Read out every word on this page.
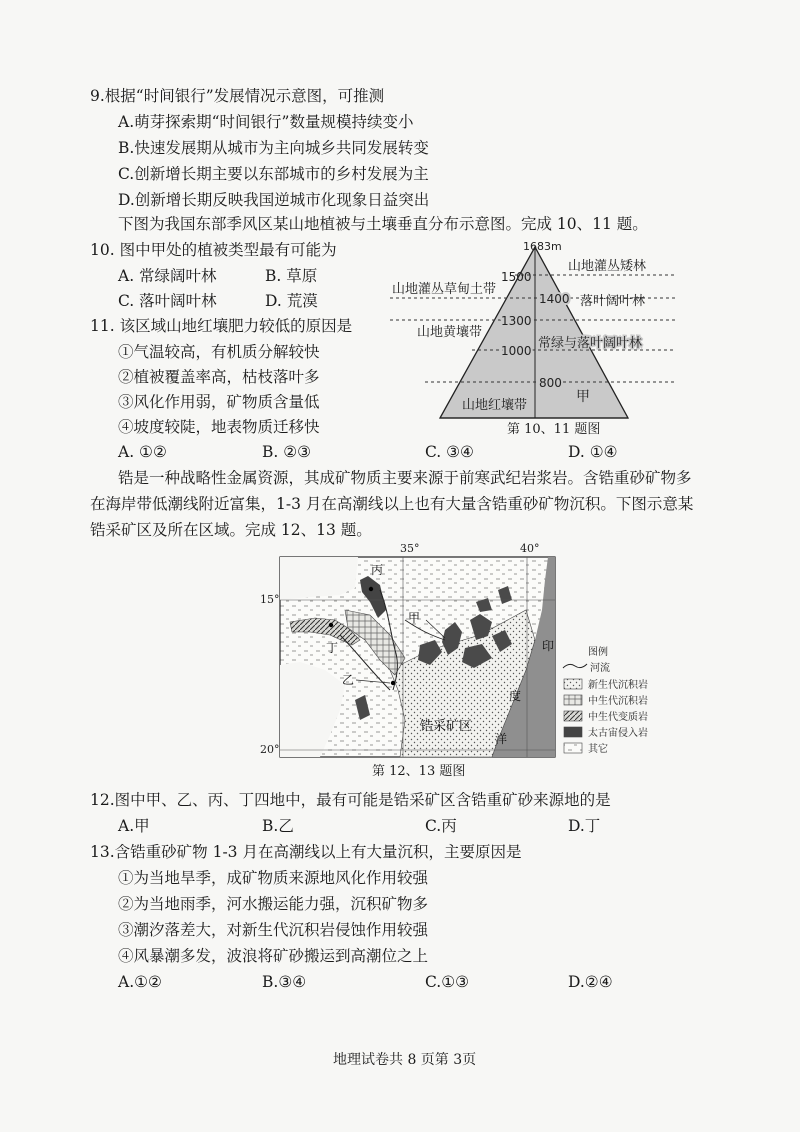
9.根据“时间银行”发展情况示意图，可推测
A.萌芽探索期“时间银行”数量规模持续变小
B.快速发展期从城市为主向城乡共同发展转变
C.创新增长期主要以东部城市的乡村发展为主
D.创新增长期反映我国逆城市化现象日益突出
下图为我国东部季风区某山地植被与土壤垂直分布示意图。完成 10、11 题。
10. 图中甲处的植被类型最有可能为
A. 常绿阔叶林	B. 草原
C. 落叶阔叶林	D. 荒漠
11. 该区域山地红壤肥力较低的原因是
①气温较高，有机质分解较快
②植被覆盖率高，枯枝落叶多
③风化作用弱，矿物质含量低
④坡度较陡，地表物质迁移快
A. ①②	B. ②③	C. ③④	D. ①④
1683m
1500
1400
1300
1000
800
山地灌丛草甸土带
山地黄壤带
山地红壤带
山地灌丛矮林
落叶阔叶林
常绿与落叶阔叶林
甲
第 10、11 题图
锆是一种战略性金属资源，其成矿物质主要来源于前寒武纪岩浆岩。含锆重砂矿物多
在海岸带低潮线附近富集，1-3 月在高潮线以上也有大量含锆重砂矿物沉积。下图示意某
锆采矿区及所在区域。完成 12、13 题。
35°	40°
15°
20°
丙
甲
丁
乙
锆采矿区
印
度
洋
图例
河流
新生代沉积岩
中生代沉积岩
中生代变质岩
太古宙侵入岩
其它
第 12、13 题图
12.图中甲、乙、丙、丁四地中，最有可能是锆采矿区含锆重矿砂来源地的是
A.甲	B.乙	C.丙	D.丁
13.含锆重砂矿物 1-3 月在高潮线以上有大量沉积，主要原因是
①为当地旱季，成矿物质来源地风化作用较强
②为当地雨季，河水搬运能力强，沉积矿物多
③潮汐落差大，对新生代沉积岩侵蚀作用较强
④风暴潮多发，波浪将矿砂搬运到高潮位之上
A.①②	B.③④	C.①③	D.②④
地理试卷共 8 页第 3页
